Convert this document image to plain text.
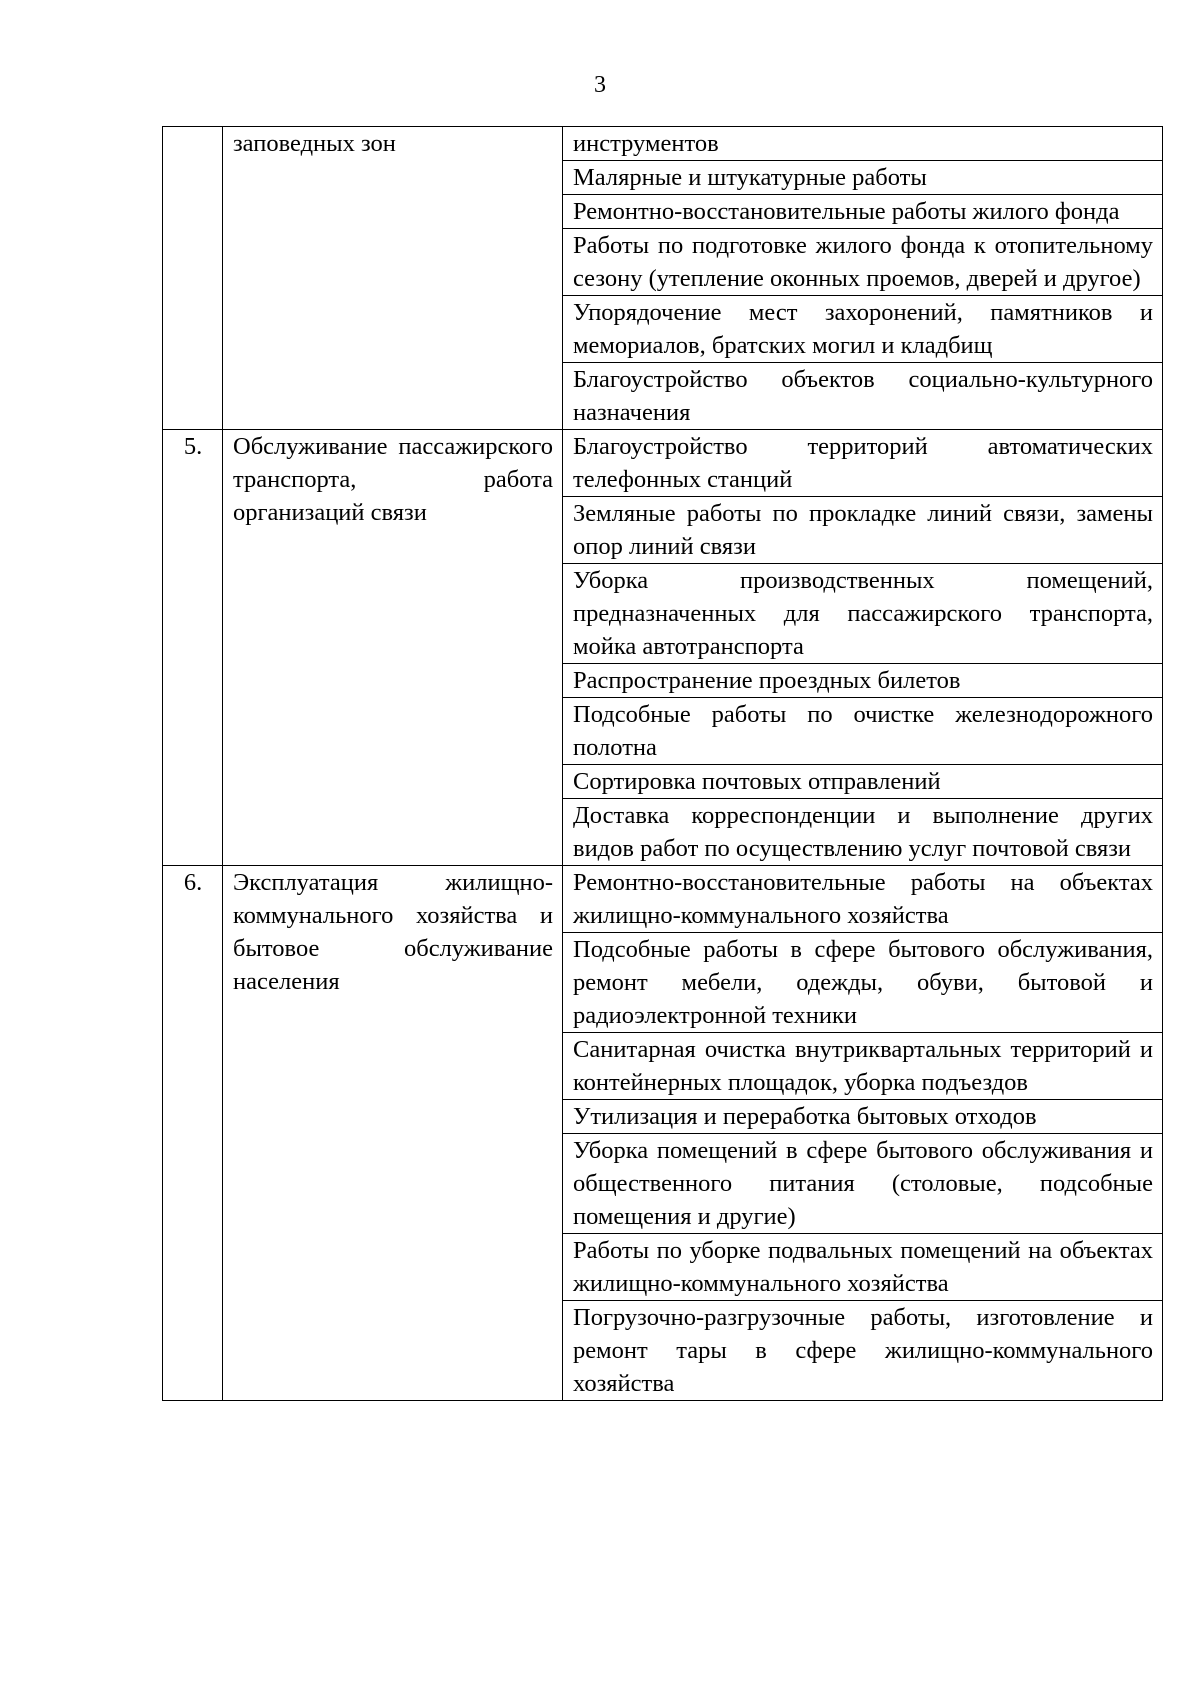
3
	заповедных зон	инструментов
		Малярные и штукатурные работы
		Ремонтно-восстановительные работы жилого фонда
		Работы по подготовке жилого фонда к отопительному сезону (утепление оконных проемов, дверей и другое)
		Упорядочение мест захоронений, памятников и мемориалов, братских могил и кладбищ
		Благоустройство объектов социально-культурного назначения
5.	Обслуживание пассажирского транспорта, работа организаций связи	Благоустройство территорий автоматических телефонных станций
		Земляные работы по прокладке линий связи, замены опор линий связи
		Уборка производственных помещений, предназначенных для пассажирского транспорта, мойка автотранспорта
		Распространение проездных билетов
		Подсобные работы по очистке железнодорожного полотна
		Сортировка почтовых отправлений
		Доставка корреспонденции и выполнение других видов работ по осуществлению услуг почтовой связи
6.	Эксплуатация жилищно-коммунального хозяйства и бытовое обслуживание населения	Ремонтно-восстановительные работы на объектах жилищно-коммунального хозяйства
		Подсобные работы в сфере бытового обслуживания, ремонт мебели, одежды, обуви, бытовой и радиоэлектронной техники
		Санитарная очистка внутриквартальных территорий и контейнерных площадок, уборка подъездов
		Утилизация и переработка бытовых отходов
		Уборка помещений в сфере бытового обслуживания и общественного питания (столовые, подсобные помещения и другие)
		Работы по уборке подвальных помещений на объектах жилищно-коммунального хозяйства
		Погрузочно-разгрузочные работы, изготовление и ремонт тары в сфере жилищно-коммунального хозяйства
